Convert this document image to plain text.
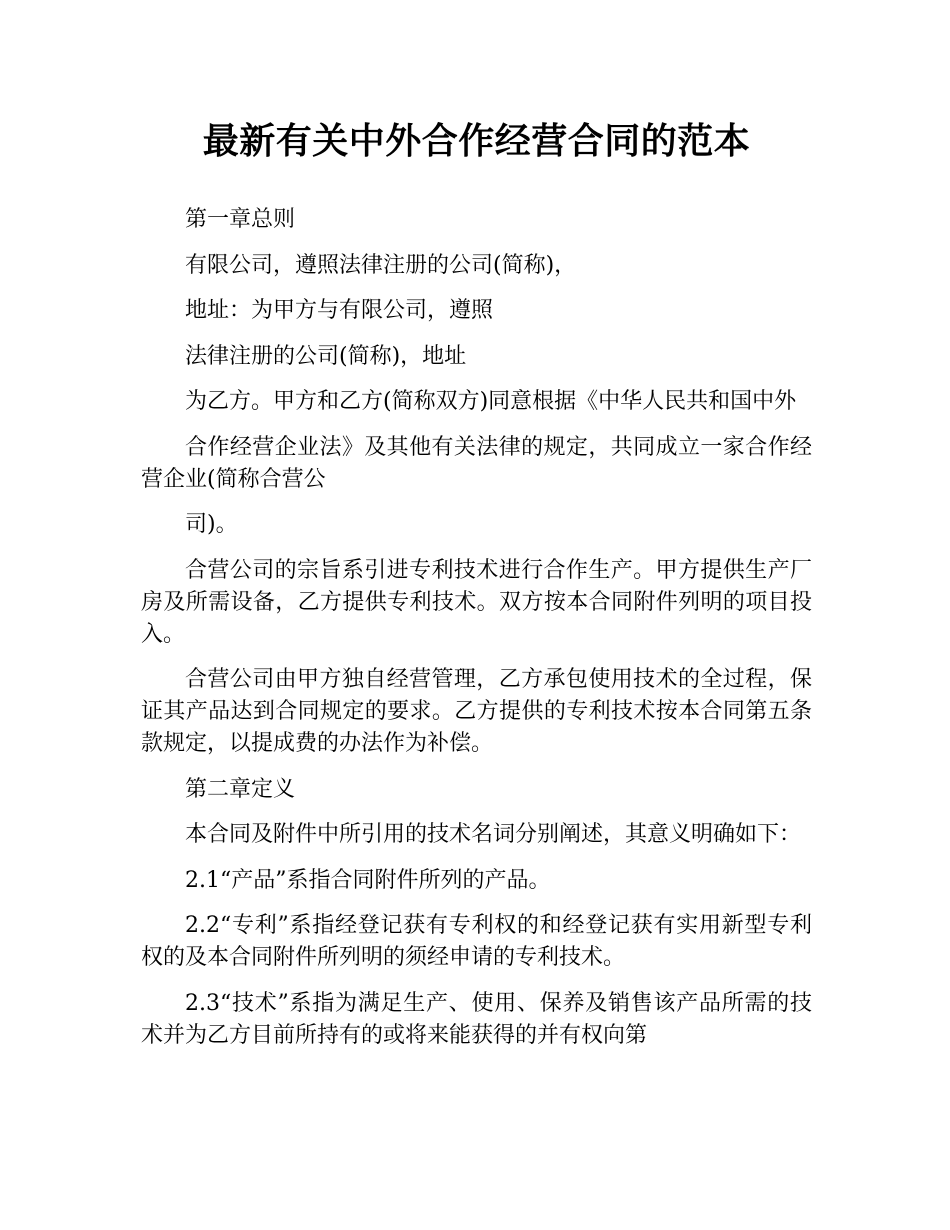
最新有关中外合作经营合同的范本

第一章总则

有限公司，遵照法律注册的公司(简称)，

地址：为甲方与有限公司，遵照

法律注册的公司(简称)，地址

为乙方。甲方和乙方(简称双方)同意根据《中华人民共和国中外

合作经营企业法》及其他有关法律的规定，共同成立一家合作经营企业(简称合营公

司)。

合营公司的宗旨系引进专利技术进行合作生产。甲方提供生产厂房及所需设备，乙方提供专利技术。双方按本合同附件列明的项目投入。

合营公司由甲方独自经营管理，乙方承包使用技术的全过程，保证其产品达到合同规定的要求。乙方提供的专利技术按本合同第五条款规定，以提成费的办法作为补偿。

第二章定义

本合同及附件中所引用的技术名词分别阐述，其意义明确如下：

2.1“产品”系指合同附件所列的产品。

2.2“专利”系指经登记获有专利权的和经登记获有实用新型专利权的及本合同附件所列明的须经申请的专利技术。

2.3“技术”系指为满足生产、使用、保养及销售该产品所需的技术并为乙方目前所持有的或将来能获得的并有权向第
